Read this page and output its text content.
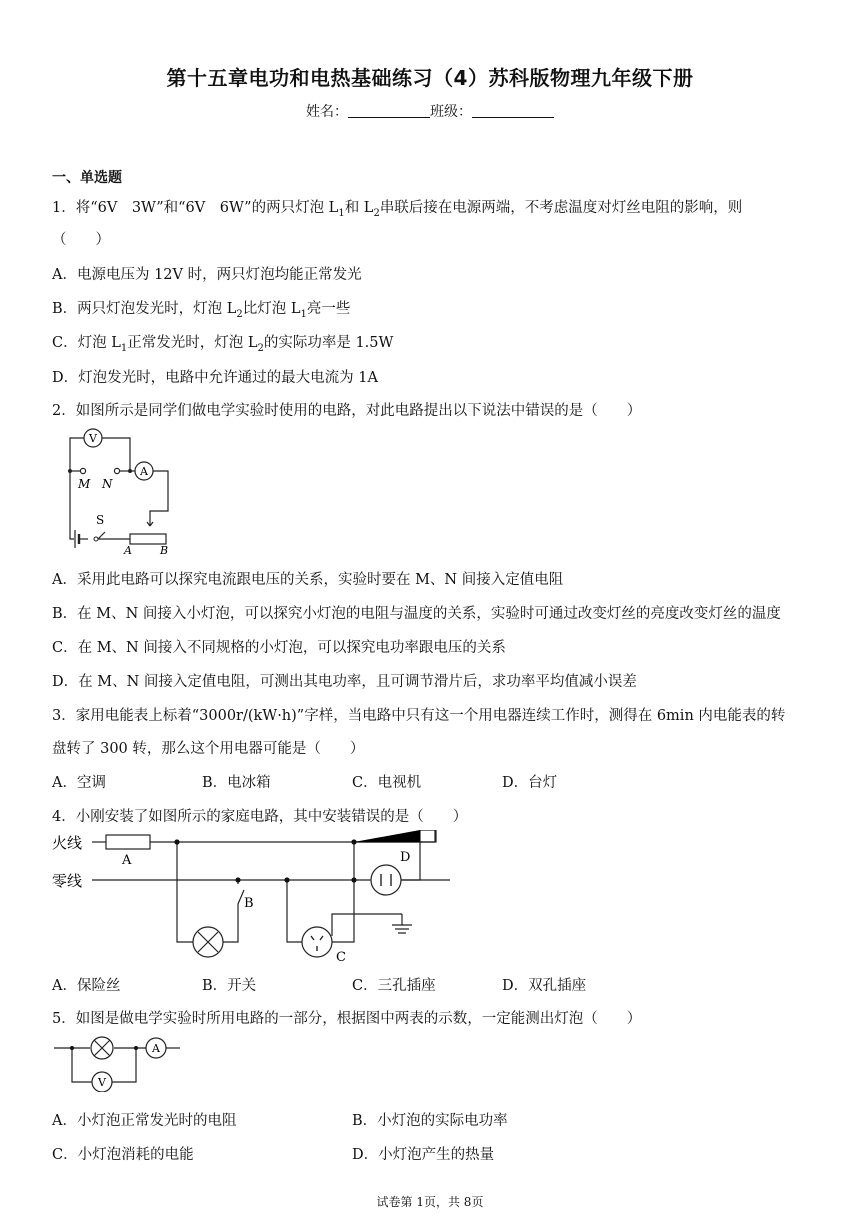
第十五章电功和电热基础练习（4）苏科版物理九年级下册
姓名：	班级：
一、单选题
1．将“6V　3W”和“6V　6W”的两只灯泡 $L_1$和 $L_2$串联后接在电源两端，不考虑温度对灯丝电阻的影响，则
（　　）
A．电源电压为 12V 时，两只灯泡均能正常发光
B．两只灯泡发光时，灯泡 $L_2$比灯泡 $L_1$亮一些
C．灯泡 $L_1$正常发光时，灯泡 $L_2$的实际功率是 1.5W
D．灯泡发光时，电路中允许通过的最大电流为 1A
2．如图所示是同学们做电学实验时使用的电路，对此电路提出以下说法中错误的是（　　）
V
A
M N
S
A	B
A．采用此电路可以探究电流跟电压的关系，实验时要在 M、N 间接入定值电阻
B．在 M、N 间接入小灯泡，可以探究小灯泡的电阻与温度的关系，实验时可通过改变灯丝的亮度改变灯丝的温度
C．在 M、N 间接入不同规格的小灯泡，可以探究电功率跟电压的关系
D．在 M、N 间接入定值电阻，可测出其电功率，且可调节滑片后，求功率平均值减小误差
3．家用电能表上标着“3000r/(kW·h)”字样，当电路中只有这一个用电器连续工作时，测得在 6min 内电能表的转
盘转了 300 转，那么这个用电器可能是（　　）
A．空调	B．电冰箱	C．电视机	D．台灯
4．小刚安装了如图所示的家庭电路，其中安装错误的是（　　）
火线
零线
A
B
C
D
A．保险丝	B．开关	C．三孔插座	D．双孔插座
5．如图是做电学实验时所用电路的一部分，根据图中两表的示数，一定能测出灯泡（　　）
A
V
A．小灯泡正常发光时的电阻	B．小灯泡的实际电功率
C．小灯泡消耗的电能	D．小灯泡产生的热量
试卷第 1页，共 8页
